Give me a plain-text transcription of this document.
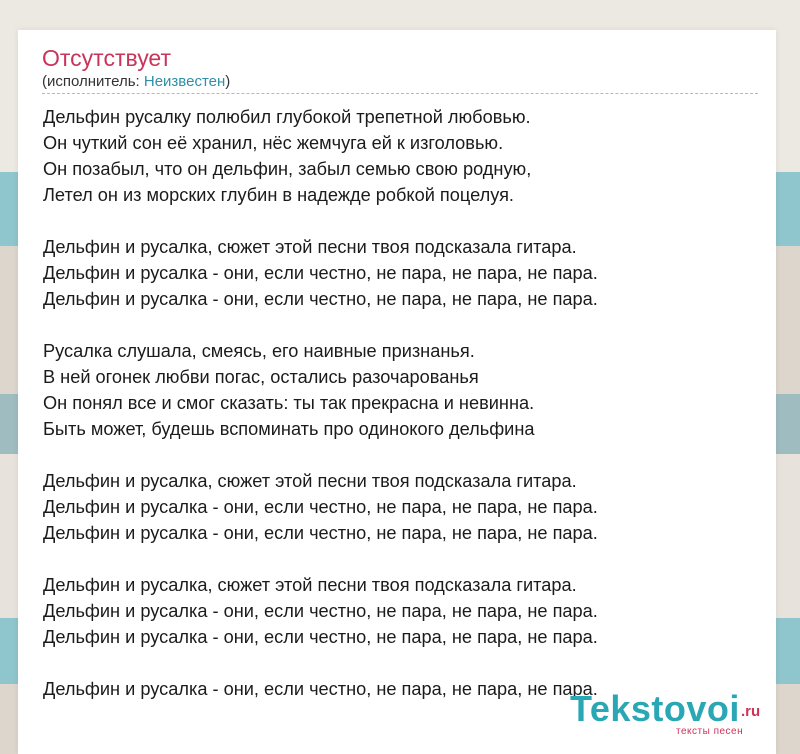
Отсутствует
(исполнитель: Неизвестен)
Дельфин русалку полюбил глубокой трепетной любовью.
Он чуткий сон её хранил, нёс жемчуга ей к изголовью.
Он позабыл, что он дельфин, забыл семью свою родную,
Летел он из морских глубин в надежде робкой поцелуя.
Дельфин и русалка, сюжет этой песни твоя подсказала гитара.
Дельфин и русалка - они, если честно, не пара, не пара, не пара.
Дельфин и русалка - они, если честно, не пара, не пара, не пара.
Русалка слушала, смеясь, его наивные признанья.
В ней огонек любви погас, остались разочарованья
Он понял все и смог сказать: ты так прекрасна и невинна.
Быть может, будешь вспоминать про одинокого дельфина
Дельфин и русалка, сюжет этой песни твоя подсказала гитара.
Дельфин и русалка - они, если честно, не пара, не пара, не пара.
Дельфин и русалка - они, если честно, не пара, не пара, не пара.
Дельфин и русалка, сюжет этой песни твоя подсказала гитара.
Дельфин и русалка - они, если честно, не пара, не пара, не пара.
Дельфин и русалка - они, если честно, не пара, не пара, не пара.
Дельфин и русалка - они, если честно, не пара, не пара, не пара.
Tekstovoi .ru
тексты песен
